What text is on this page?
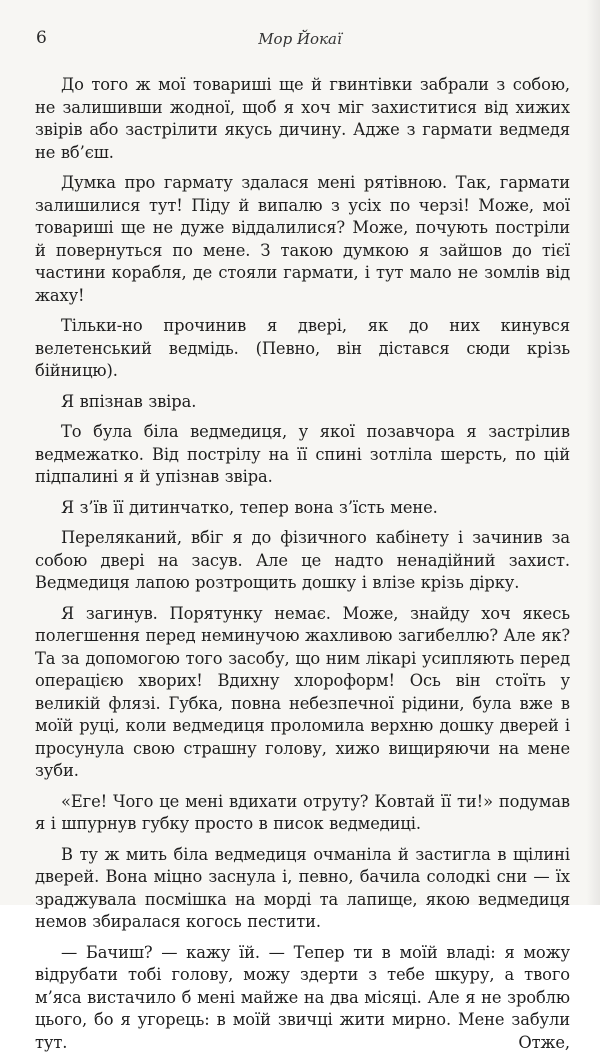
6	Мор Йокаї

До того ж мої товариші ще й гвинтівки забрали з собою, не залишивши жодної, щоб я хоч міг захиститися від хижих звірів або застрілити якусь дичину. Адже з гармати ведмедя не вб’єш.

Думка про гармату здалася мені рятівною. Так, гармати залишилися тут! Піду й випалю з усіх по черзі! Може, мої товариші ще не дуже віддалилися? Може, почують постріли й повернуться по мене. З такою думкою я зайшов до тієї частини корабля, де стояли гармати, і тут мало не зомлів від жаху!

Тільки-но прочинив я двері, як до них кинувся велетенський ведмідь. (Певно, він дістався сюди крізь бійницю).

Я впізнав звіра.

То була біла ведмедиця, у якої позавчора я застрілив ведмежатко. Від пострілу на її спині зотліла шерсть, по цій підпалині я й упізнав звіра.

Я з’їв її дитинчатко, тепер вона з’їсть мене.

Переляканий, вбіг я до фізичного кабінету і зачинив за собою двері на засув. Але це надто ненадійний захист. Ведмедиця лапою розтрощить дошку і влізе крізь дірку.

Я загинув. Порятунку немає. Може, знайду хоч якесь полегшення перед неминучою жахливою загибеллю? Але як? Та за допомогою того засобу, що ним лікарі усипляють перед операцією хворих! Вдихну хлороформ! Ось він стоїть у великій флязі. Губка, повна небезпечної рідини, була вже в моїй руці, коли ведмедиця проломила верхню дошку дверей і просунула свою страшну голову, хижо вищиряючи на мене зуби.

«Еге! Чого це мені вдихати отруту? Ковтай її ти!» подумав я і шпурнув губку просто в писок ведмедиці.

В ту ж мить біла ведмедиця очманіла й застигла в щілині дверей. Вона міцно заснула і, певно, бачила солодкі сни — їх зраджувала посмішка на морді та лапище, якою ведмедиця немов збиралася когось пестити.

— Бачиш? — кажу їй. — Тепер ти в моїй владі: я можу відрубати тобі голову, можу здерти з тебе шкуру, а твого м’яса вистачило б мені майже на два місяці. Але я не зроблю цього, бо я угорець: в моїй звичці жити мирно. Мене забули тут. Отже,
